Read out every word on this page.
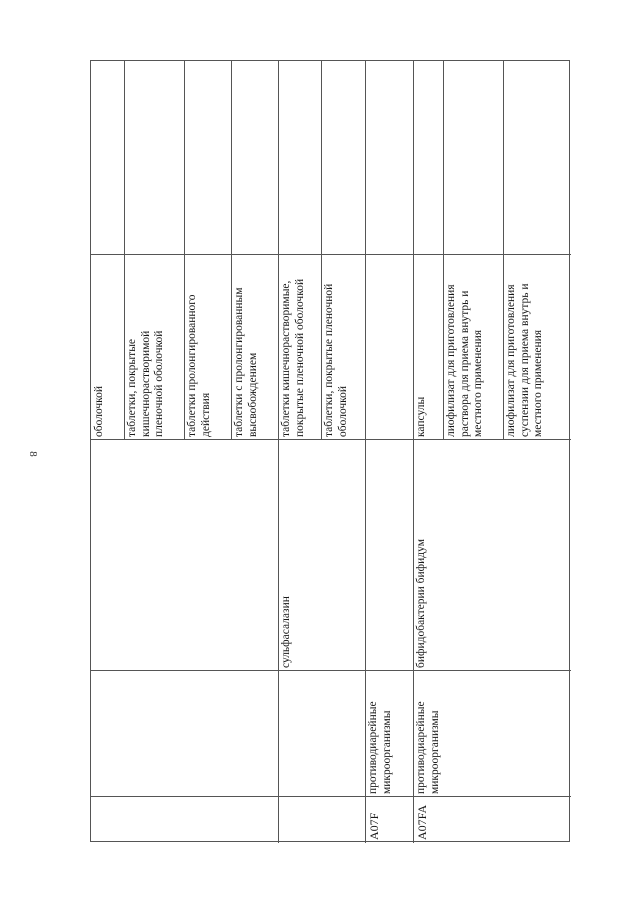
8
оболочкой таблетки, покрытые кишечнорастворимой пленочной оболочкой таблетки пролонгированного действия таблетки с пролонгированным высвобождением
сульфасалазин
таблетки кишечнорастворимые, покрытые пленочной оболочкой таблетки, покрытые пленочной оболочкой
A07F
противодиарейные микроорганизмы
A07FA
противодиарейные микроорганизмы
бифидобактерии бифидум
капсулы лиофилизат для приготовления раствора для приема внутрь и местного применения лиофилизат для приготовления суспензии для приема внутрь и местного применения
